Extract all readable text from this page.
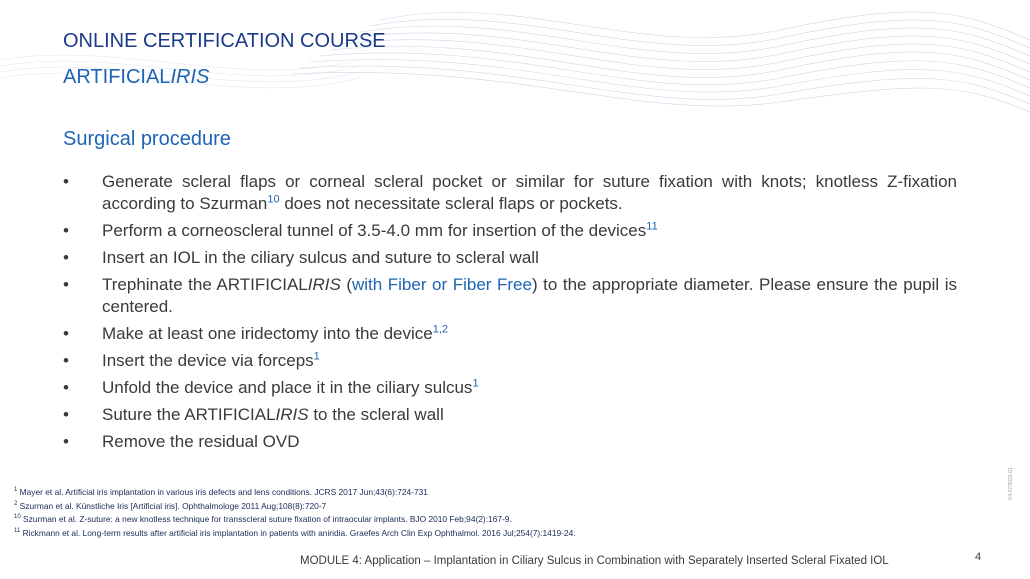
ONLINE CERTIFICATION COURSE
ARTIFICIALIRIS
Surgical procedure
• Generate scleral flaps or corneal scleral pocket or similar for suture fixation with knots; knotless Z-fixation according to Szurman$^{10}$ does not necessitate scleral flaps or pockets.
• Perform a corneoscleral tunnel of 3.5-4.0 mm for insertion of the devices$^{11}$
• Insert an IOL in the ciliary sulcus and suture to scleral wall
• Trephinate the ARTIFICIALIRIS (with Fiber or Fiber Free) to the appropriate diameter. Please ensure the pupil is centered.
• Make at least one iridectomy into the device$^{1,2}$
• Insert the device via forceps$^1$
• Unfold the device and place it in the ciliary sulcus$^1$
• Suture the ARTIFICIALIRIS to the scleral wall
• Remove the residual OVD
$^1$ Mayer et al. Artificial iris implantation in various iris defects and lens conditions. JCRS 2017 Jun;43(6):724-731
$^2$ Szurman et al. Künstliche Iris [Artificial iris]. Ophthalmologe 2011 Aug;108(8):720-7
$^{10}$ Szurman et al. Z-suture: a new knotless technique for transscleral suture fixation of intraocular implants. BJO 2010 Feb;94(2):167-9.
$^{11}$ Rickmann et al. Long-term results after artificial iris implantation in patients with aniridia. Graefes Arch Clin Exp Ophthalmol. 2016 Jul;254(7):1419-24.
MODULE 4: Application – Implantation in Ciliary Sulcus in Combination with Separately Inserted Scleral Fixated IOL	4
V4.07/2022-01
